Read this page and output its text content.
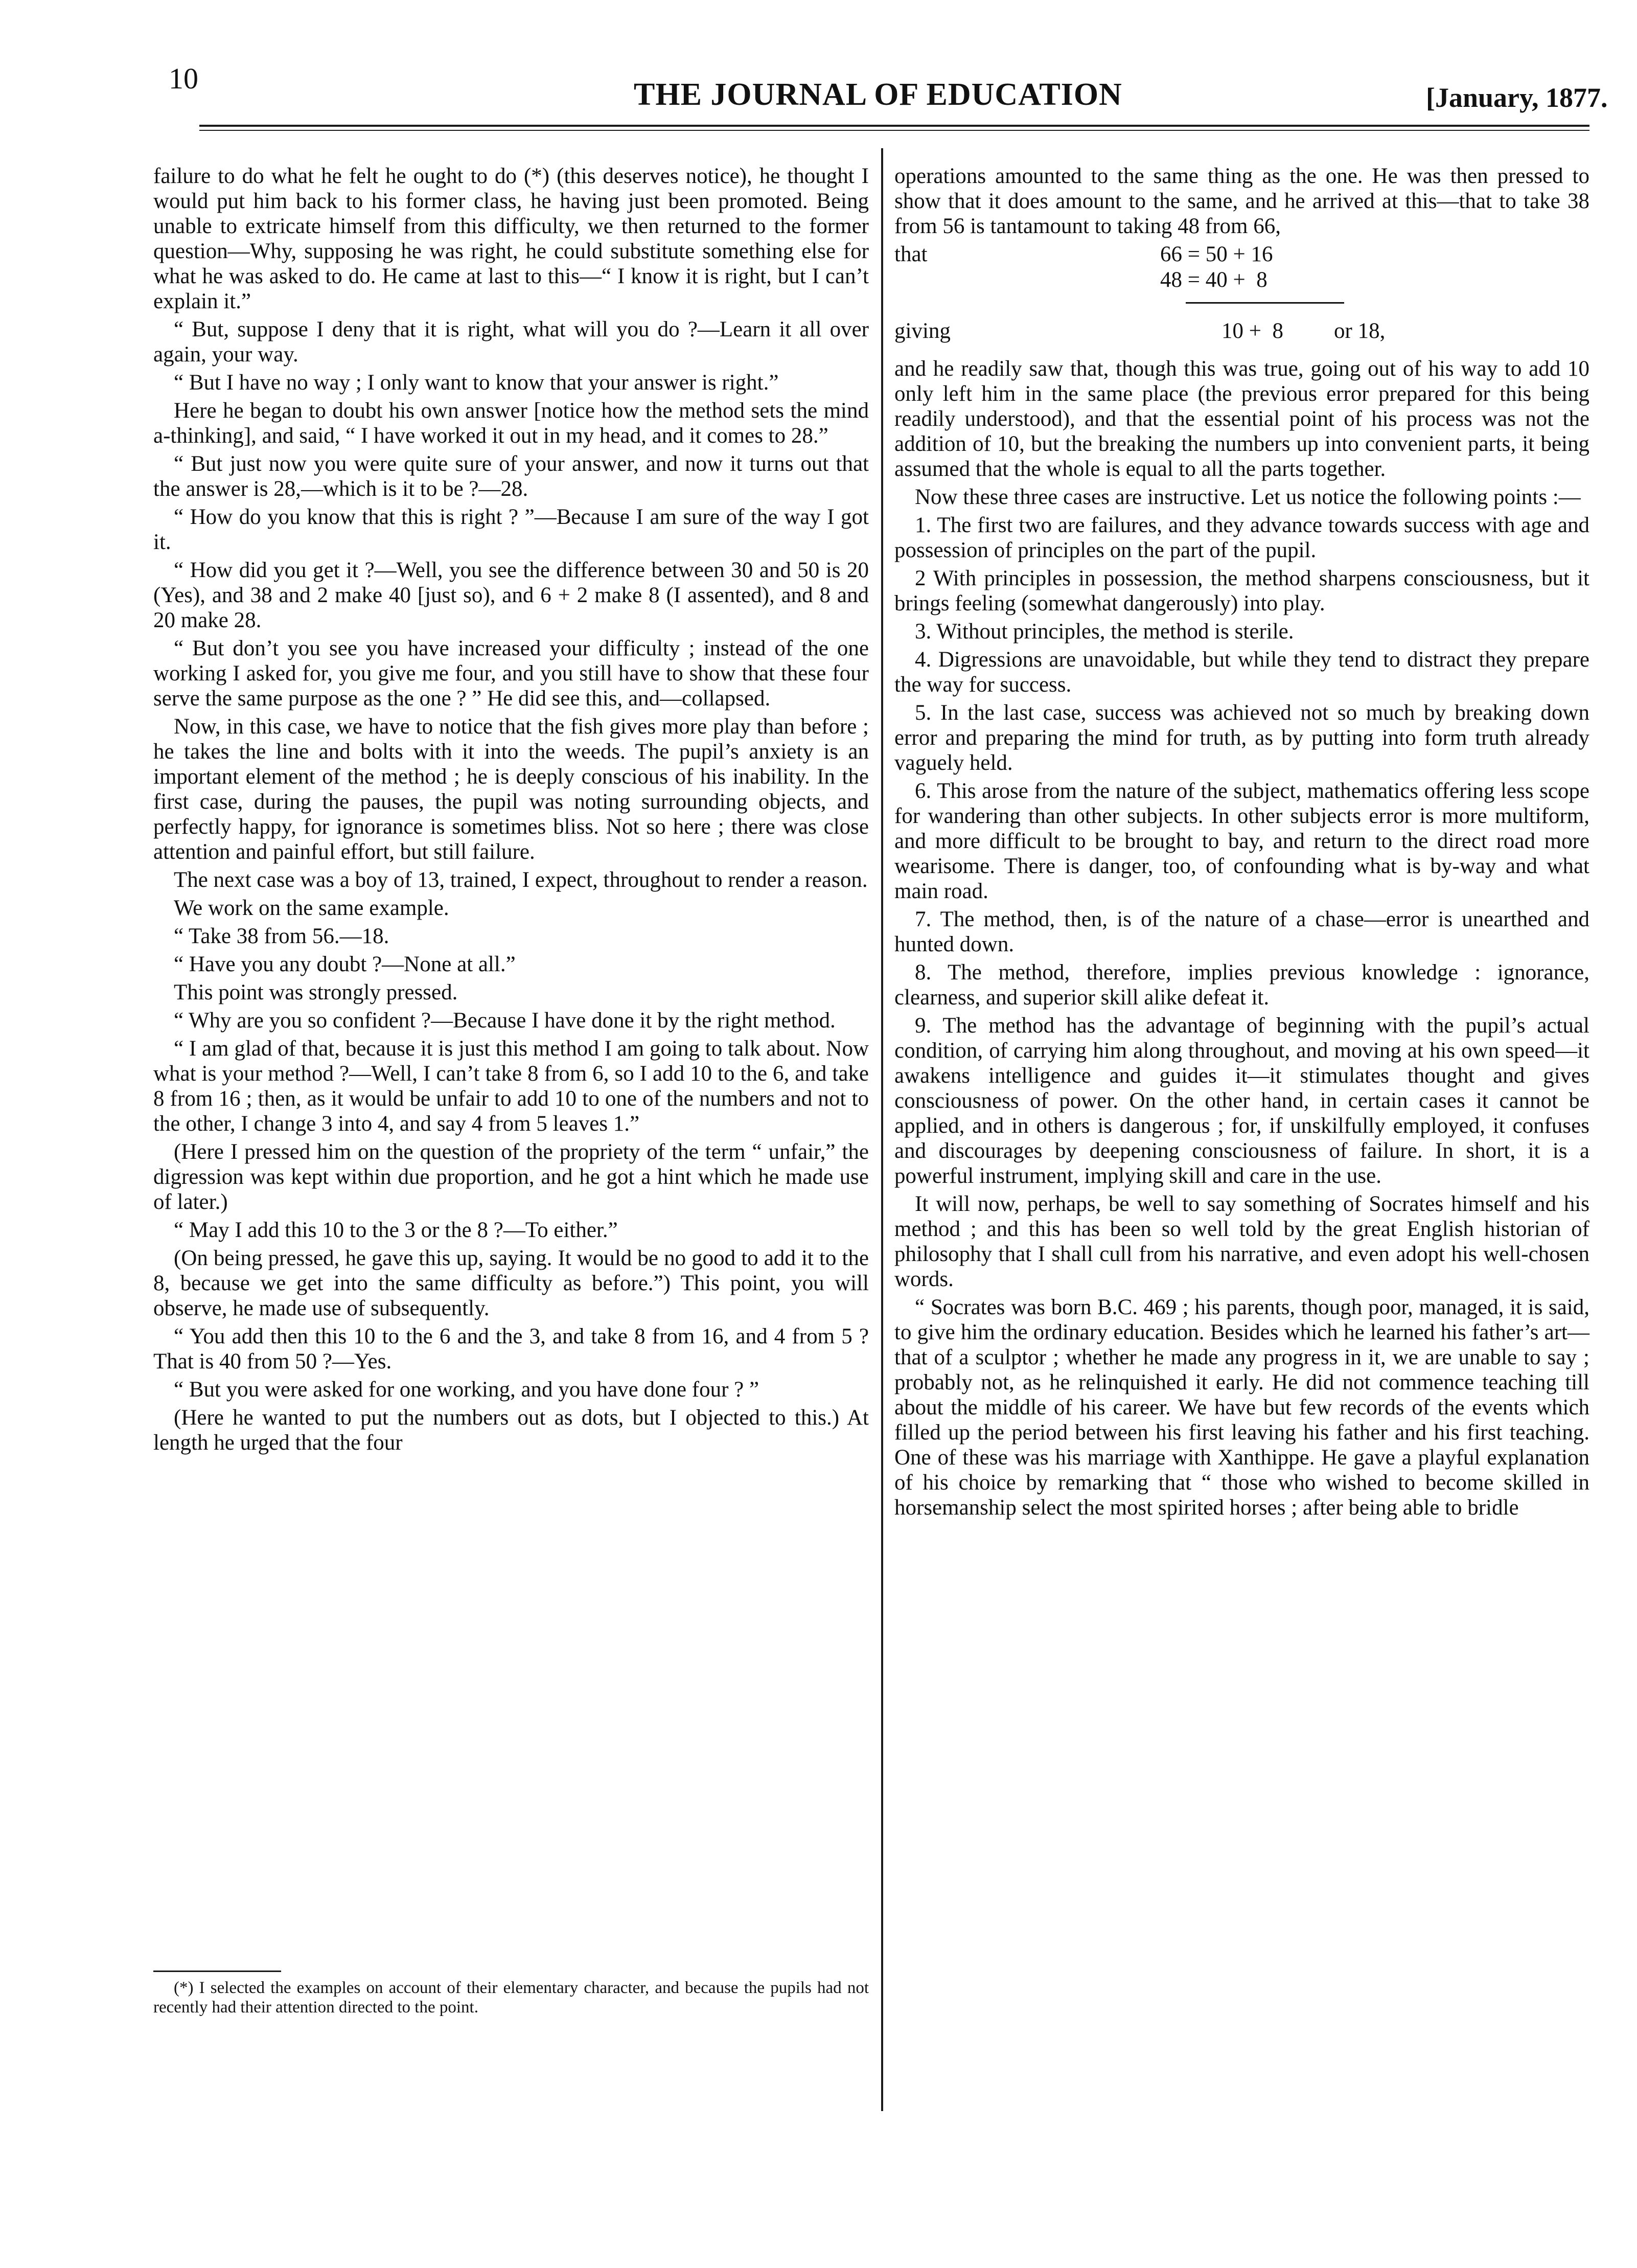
10	THE JOURNAL OF EDUCATION	[January, 1877.

failure to do what he felt he ought to do (*) (this deserves notice), he thought I would put him back to his former class, he having just been promoted. Being unable to extricate himself from this difficulty, we then returned to the former question—Why, supposing he was right, he could substitute something else for what he was asked to do. He came at last to this—“ I know it is right, but I can’t explain it.”

“ But, suppose I deny that it is right, what will you do ?—Learn it all over again, your way.

“ But I have no way ; I only want to know that your answer is right.”

Here he began to doubt his own answer [notice how the method sets the mind a-thinking], and said, “ I have worked it out in my head, and it comes to 28.”

“ But just now you were quite sure of your answer, and now it turns out that the answer is 28,—which is it to be ?—28.

“ How do you know that this is right ? ”—Because I am sure of the way I got it.

“ How did you get it ?—Well, you see the difference between 30 and 50 is 20 (Yes), and 38 and 2 make 40 [just so), and 6 + 2 make 8 (I assented), and 8 and 20 make 28.

“ But don’t you see you have increased your difficulty ; instead of the one working I asked for, you give me four, and you still have to show that these four serve the same purpose as the one ? ” He did see this, and—collapsed.

Now, in this case, we have to notice that the fish gives more play than before ; he takes the line and bolts with it into the weeds. The pupil’s anxiety is an important element of the method ; he is deeply conscious of his inability. In the first case, during the pauses, the pupil was noting surrounding objects, and perfectly happy, for ignorance is sometimes bliss. Not so here ; there was close attention and painful effort, but still failure.

The next case was a boy of 13, trained, I expect, throughout to render a reason.

We work on the same example.

“ Take 38 from 56.—18.

“ Have you any doubt ?—None at all.”

This point was strongly pressed.

“ Why are you so confident ?—Because I have done it by the right method.

“ I am glad of that, because it is just this method I am going to talk about. Now what is your method ?—Well, I can’t take 8 from 6, so I add 10 to the 6, and take 8 from 16 ; then, as it would be unfair to add 10 to one of the numbers and not to the other, I change 3 into 4, and say 4 from 5 leaves 1.”

(Here I pressed him on the question of the propriety of the term “ unfair,” the digression was kept within due proportion, and he got a hint which he made use of later.)

“ May I add this 10 to the 3 or the 8 ?—To either.”

(On being pressed, he gave this up, saying. It would be no good to add it to the 8, because we get into the same difficulty as before.”) This point, you will observe, he made use of subsequently.

“ You add then this 10 to the 6 and the 3, and take 8 from 16, and 4 from 5 ? That is 40 from 50 ?—Yes.

“ But you were asked for one working, and you have done four ? ”

(Here he wanted to put the numbers out as dots, but I objected to this.) At length he urged that the four

(*) I selected the examples on account of their elementary character, and because the pupils had not recently had their attention directed to the point.

operations amounted to the same thing as the one. He was then pressed to show that it does amount to the same, and he arrived at this—that to take 38 from 56 is tantamount to taking 48 from 66,

that	66 = 50 + 16
48 = 40 +  8
giving	10 +  8 or 18,

and he readily saw that, though this was true, going out of his way to add 10 only left him in the same place (the previous error prepared for this being readily understood), and that the essential point of his process was not the addition of 10, but the breaking the numbers up into convenient parts, it being assumed that the whole is equal to all the parts together.

Now these three cases are instructive. Let us notice the following points :—

1. The first two are failures, and they advance towards success with age and possession of principles on the part of the pupil.

2 With principles in possession, the method sharpens consciousness, but it brings feeling (somewhat dangerously) into play.

3. Without principles, the method is sterile.

4. Digressions are unavoidable, but while they tend to distract they prepare the way for success.

5. In the last case, success was achieved not so much by breaking down error and preparing the mind for truth, as by putting into form truth already vaguely held.

6. This arose from the nature of the subject, mathematics offering less scope for wandering than other subjects. In other subjects error is more multiform, and more difficult to be brought to bay, and return to the direct road more wearisome. There is danger, too, of confounding what is by-way and what main road.

7. The method, then, is of the nature of a chase—error is unearthed and hunted down.

8. The method, therefore, implies previous knowledge : ignorance, clearness, and superior skill alike defeat it.

9. The method has the advantage of beginning with the pupil’s actual condition, of carrying him along throughout, and moving at his own speed—it awakens intelligence and guides it—it stimulates thought and gives consciousness of power. On the other hand, in certain cases it cannot be applied, and in others is dangerous ; for, if unskilfully employed, it confuses and discourages by deepening consciousness of failure. In short, it is a powerful instrument, implying skill and care in the use.

It will now, perhaps, be well to say something of Socrates himself and his method ; and this has been so well told by the great English historian of philosophy that I shall cull from his narrative, and even adopt his well-chosen words.

“ Socrates was born B.C. 469 ; his parents, though poor, managed, it is said, to give him the ordinary education. Besides which he learned his father’s art—that of a sculptor ; whether he made any progress in it, we are unable to say ; probably not, as he relinquished it early. He did not commence teaching till about the middle of his career. We have but few records of the events which filled up the period between his first leaving his father and his first teaching. One of these was his marriage with Xanthippe. He gave a playful explanation of his choice by remarking that “ those who wished to become skilled in horsemanship select the most spirited horses ; after being able to bridle
